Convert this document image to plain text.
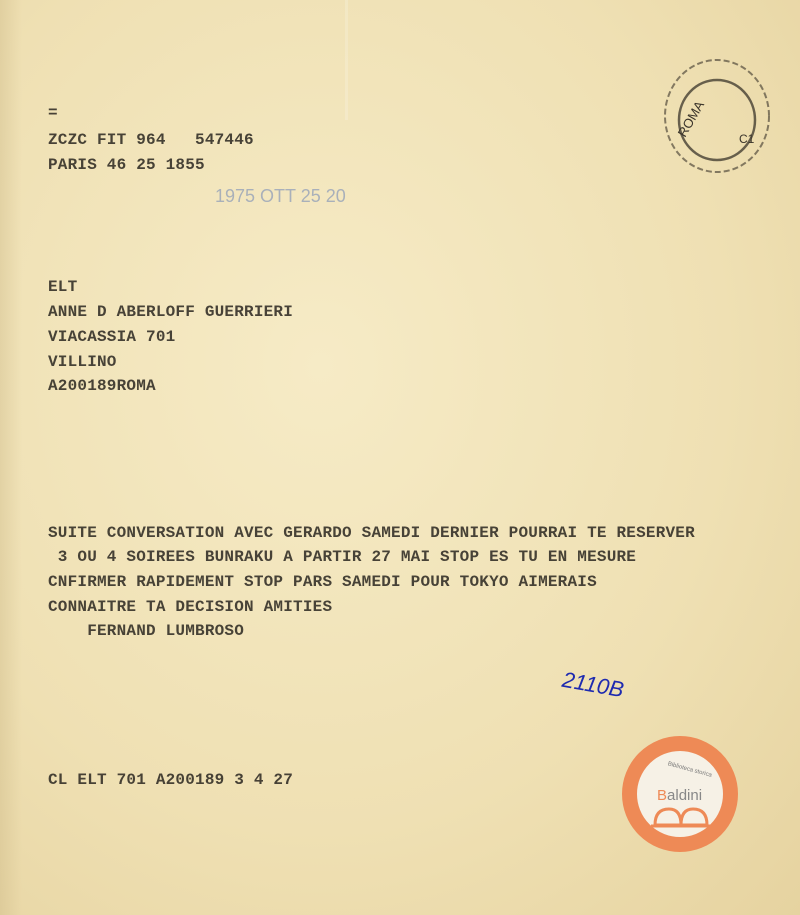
=
ZCZC FIT 964   547446
PARIS 46 25 1855
1975 OTT 25 20
ROMA	C1
ELT
ANNE D ABERLOFF GUERRIERI
VIACASSIA 701
VILLINO
A200189ROMA
SUITE CONVERSATION AVEC GERARDO SAMEDI DERNIER POURRAI TE RESERVER
3 OU 4 SOIREES BUNRAKU A PARTIR 27 MAI STOP ES TU EN MESURE
CNFIRMER RAPIDEMENT STOP PARS SAMEDI POUR TOKYO AIMERAIS
CONNAITRE TA DECISION AMITIES
FERNAND LUMBROSO
2110B
CL ELT 701 A200189 3 4 27
Biblioteca storica
Baldini
